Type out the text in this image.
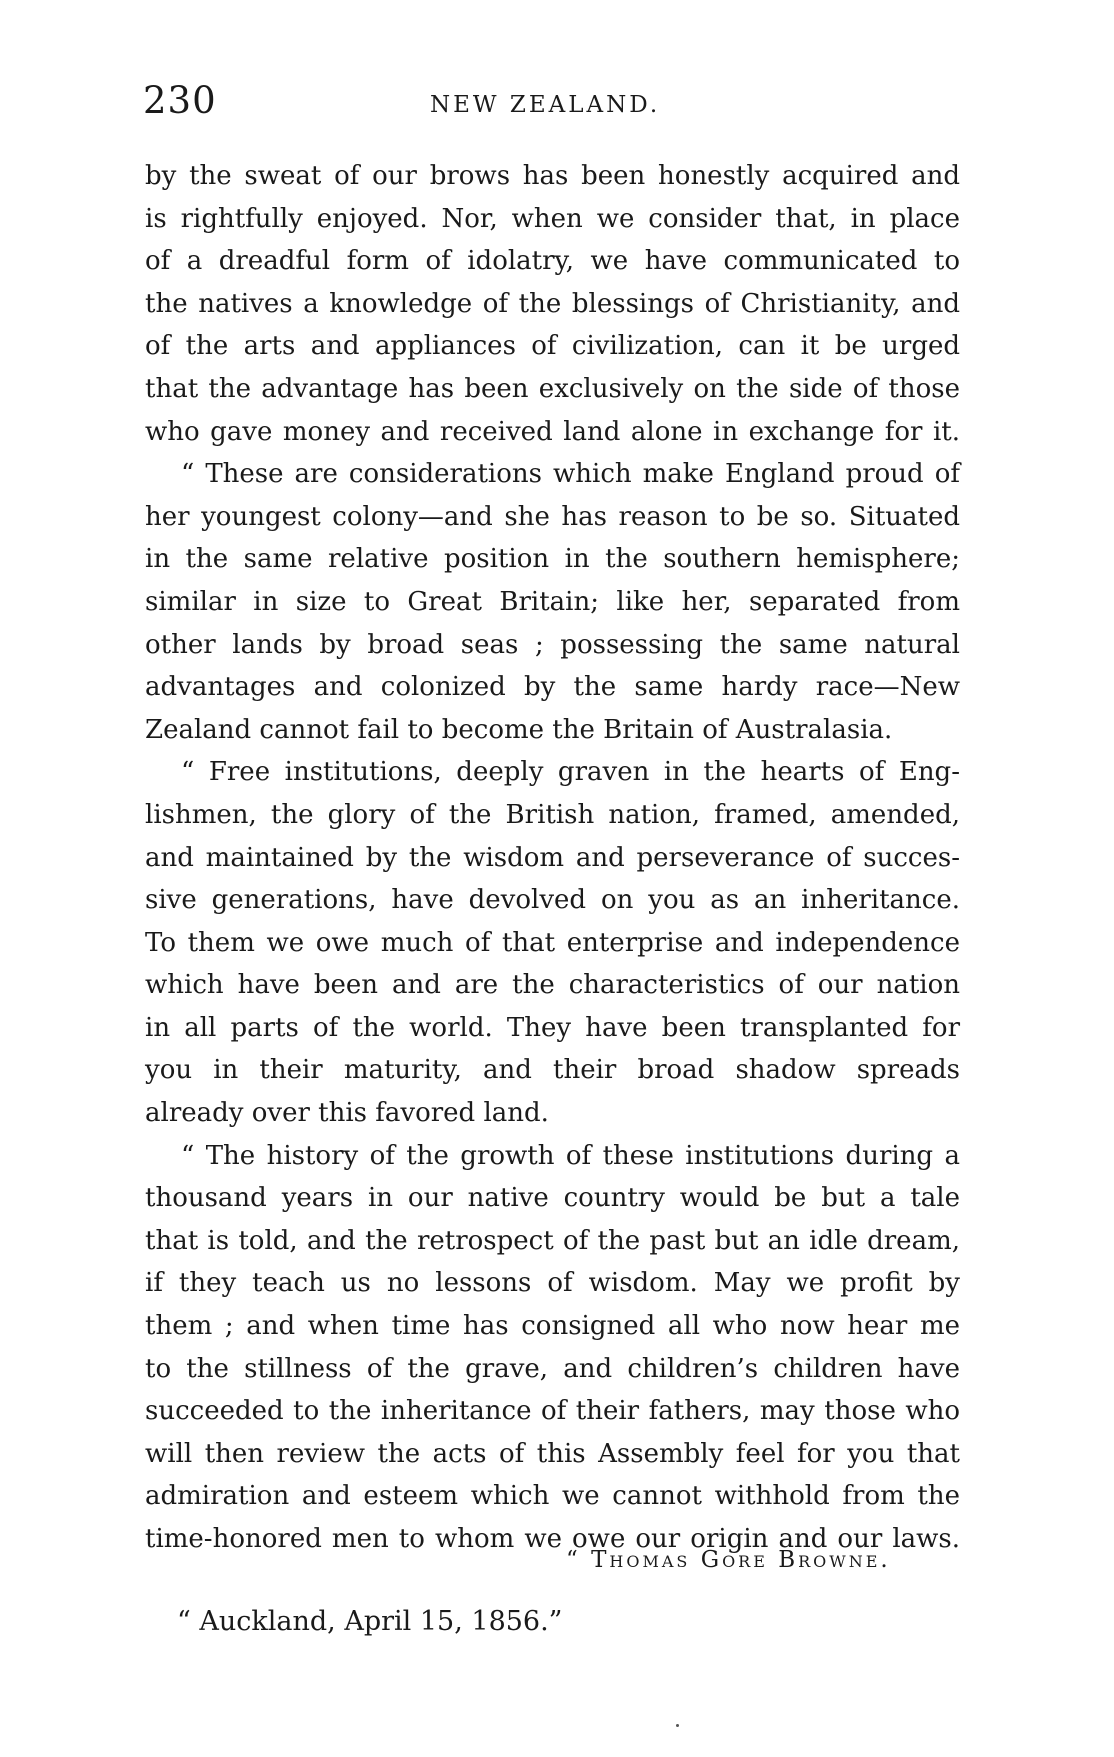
230	NEW ZEALAND.
by the sweat of our brows has been honestly acquired and
is rightfully enjoyed. Nor, when we consider that, in place
of a dreadful form of idolatry, we have communicated to
the natives a knowledge of the blessings of Christianity, and
of the arts and appliances of civilization, can it be urged
that the advantage has been exclusively on the side of those
who gave money and received land alone in exchange for it.
“ These are considerations which make England proud of
her youngest colony—and she has reason to be so. Situated
in the same relative position in the southern hemisphere;
similar in size to Great Britain; like her, separated from
other lands by broad seas ; possessing the same natural
advantages and colonized by the same hardy race—New
Zealand cannot fail to become the Britain of Australasia.
“ Free institutions, deeply graven in the hearts of Eng-
lishmen, the glory of the British nation, framed, amended,
and maintained by the wisdom and perseverance of succes-
sive generations, have devolved on you as an inheritance.
To them we owe much of that enterprise and independence
which have been and are the characteristics of our nation
in all parts of the world. They have been transplanted for
you in their maturity, and their broad shadow spreads
already over this favored land.
“ The history of the growth of these institutions during a
thousand years in our native country would be but a tale
that is told, and the retrospect of the past but an idle dream,
if they teach us no lessons of wisdom. May we profit by
them ; and when time has consigned all who now hear me
to the stillness of the grave, and children’s children have
succeeded to the inheritance of their fathers, may those who
will then review the acts of this Assembly feel for you that
admiration and esteem which we cannot withhold from the
time-honored men to whom we owe our origin and our laws.
“ Thomas Gore Browne.
“ Auckland, April 15, 1856.”
